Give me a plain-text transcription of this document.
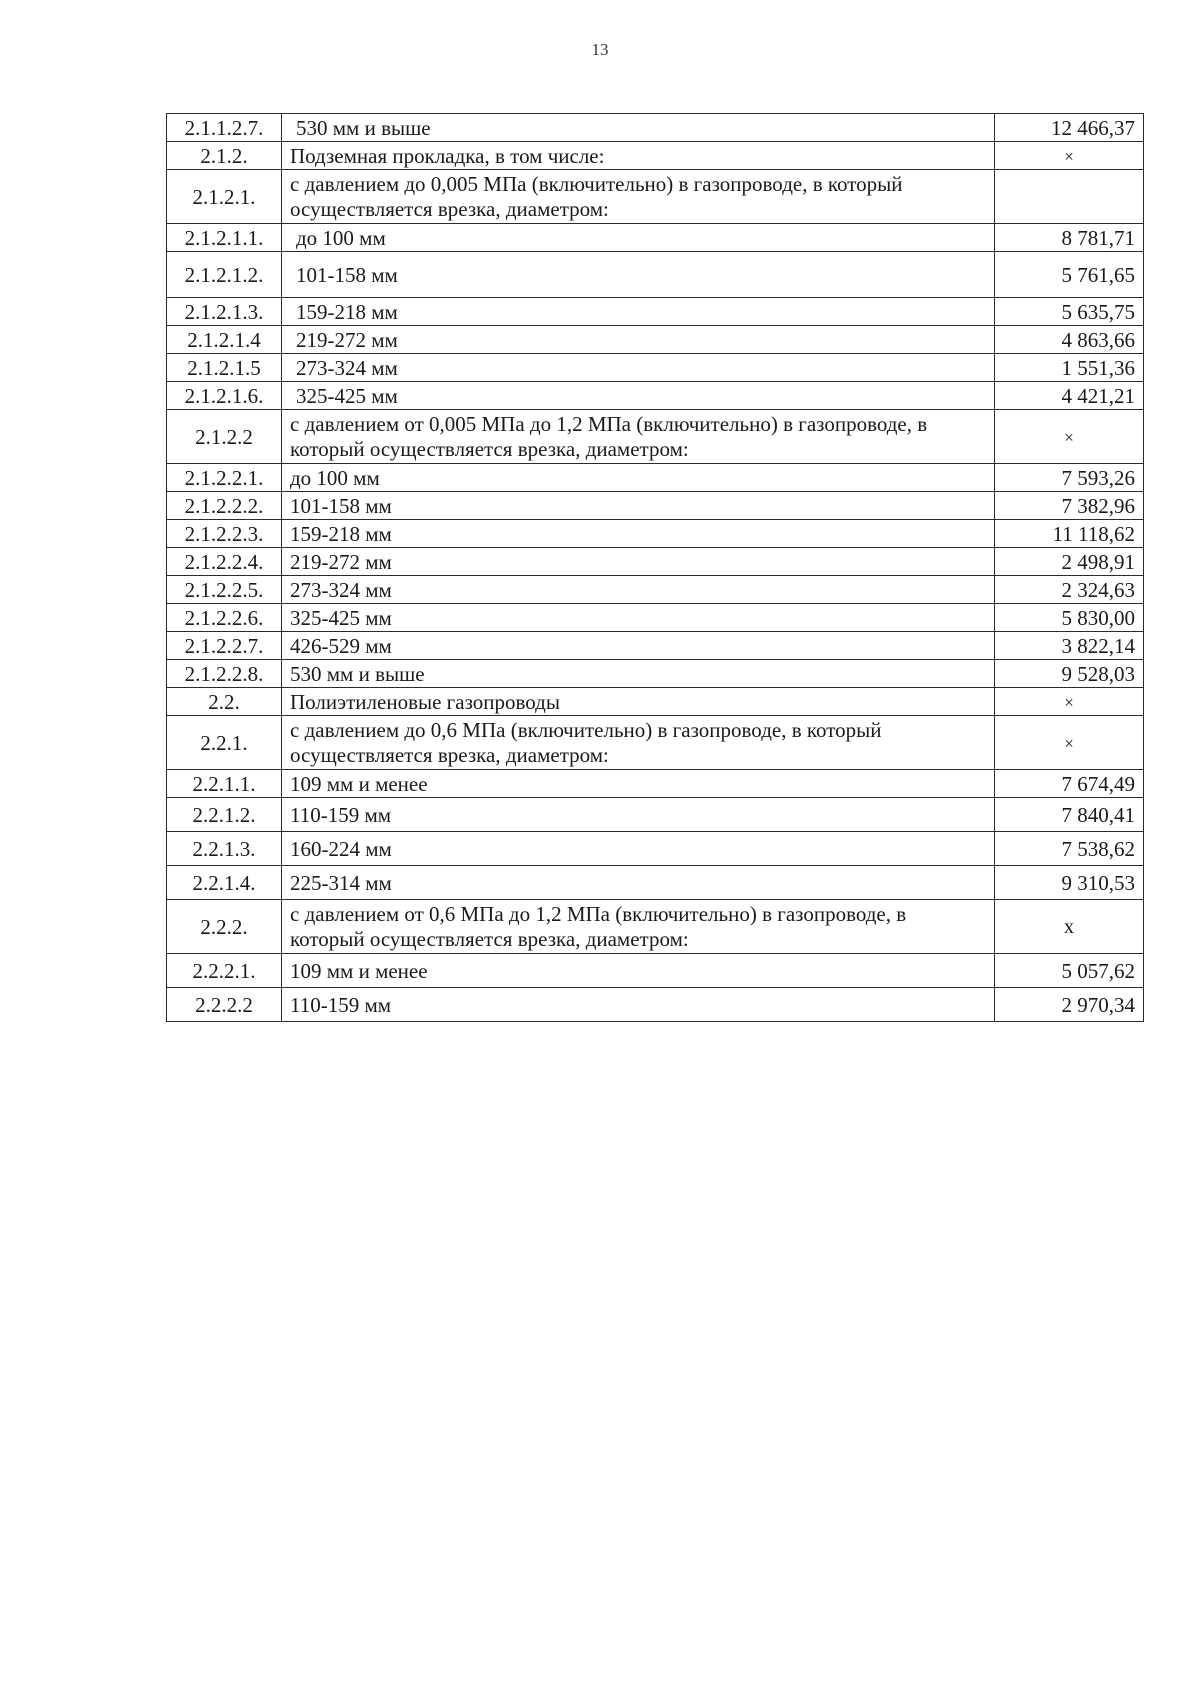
13
2.1.1.2.7.	530 мм и выше	12 466,37
2.1.2.	Подземная прокладка, в том числе:	×
2.1.2.1.	с давлением до 0,005 МПа (включительно) в газопроводе, в который осуществляется врезка, диаметром:	
2.1.2.1.1.	до 100 мм	8 781,71
2.1.2.1.2.	101-158 мм	5 761,65
2.1.2.1.3.	159-218 мм	5 635,75
2.1.2.1.4	219-272 мм	4 863,66
2.1.2.1.5	273-324 мм	1 551,36
2.1.2.1.6.	325-425 мм	4 421,21
2.1.2.2	с давлением от 0,005 МПа до 1,2 МПа (включительно) в газопроводе, в который осуществляется врезка, диаметром:	×
2.1.2.2.1.	до 100 мм	7 593,26
2.1.2.2.2.	101-158 мм	7 382,96
2.1.2.2.3.	159-218 мм	11 118,62
2.1.2.2.4.	219-272 мм	2 498,91
2.1.2.2.5.	273-324 мм	2 324,63
2.1.2.2.6.	325-425 мм	5 830,00
2.1.2.2.7.	426-529 мм	3 822,14
2.1.2.2.8.	530 мм и выше	9 528,03
2.2.	Полиэтиленовые газопроводы	×
2.2.1.	с давлением до 0,6 МПа (включительно) в газопроводе, в который осуществляется врезка, диаметром:	×
2.2.1.1.	109 мм и менее	7 674,49
2.2.1.2.	110-159 мм	7 840,41
2.2.1.3.	160-224 мм	7 538,62
2.2.1.4.	225-314 мм	9 310,53
2.2.2.	с давлением от 0,6 МПа до 1,2 МПа (включительно) в газопроводе, в который осуществляется врезка, диаметром:	х
2.2.2.1.	109 мм и менее	5 057,62
2.2.2.2	110-159 мм	2 970,34
